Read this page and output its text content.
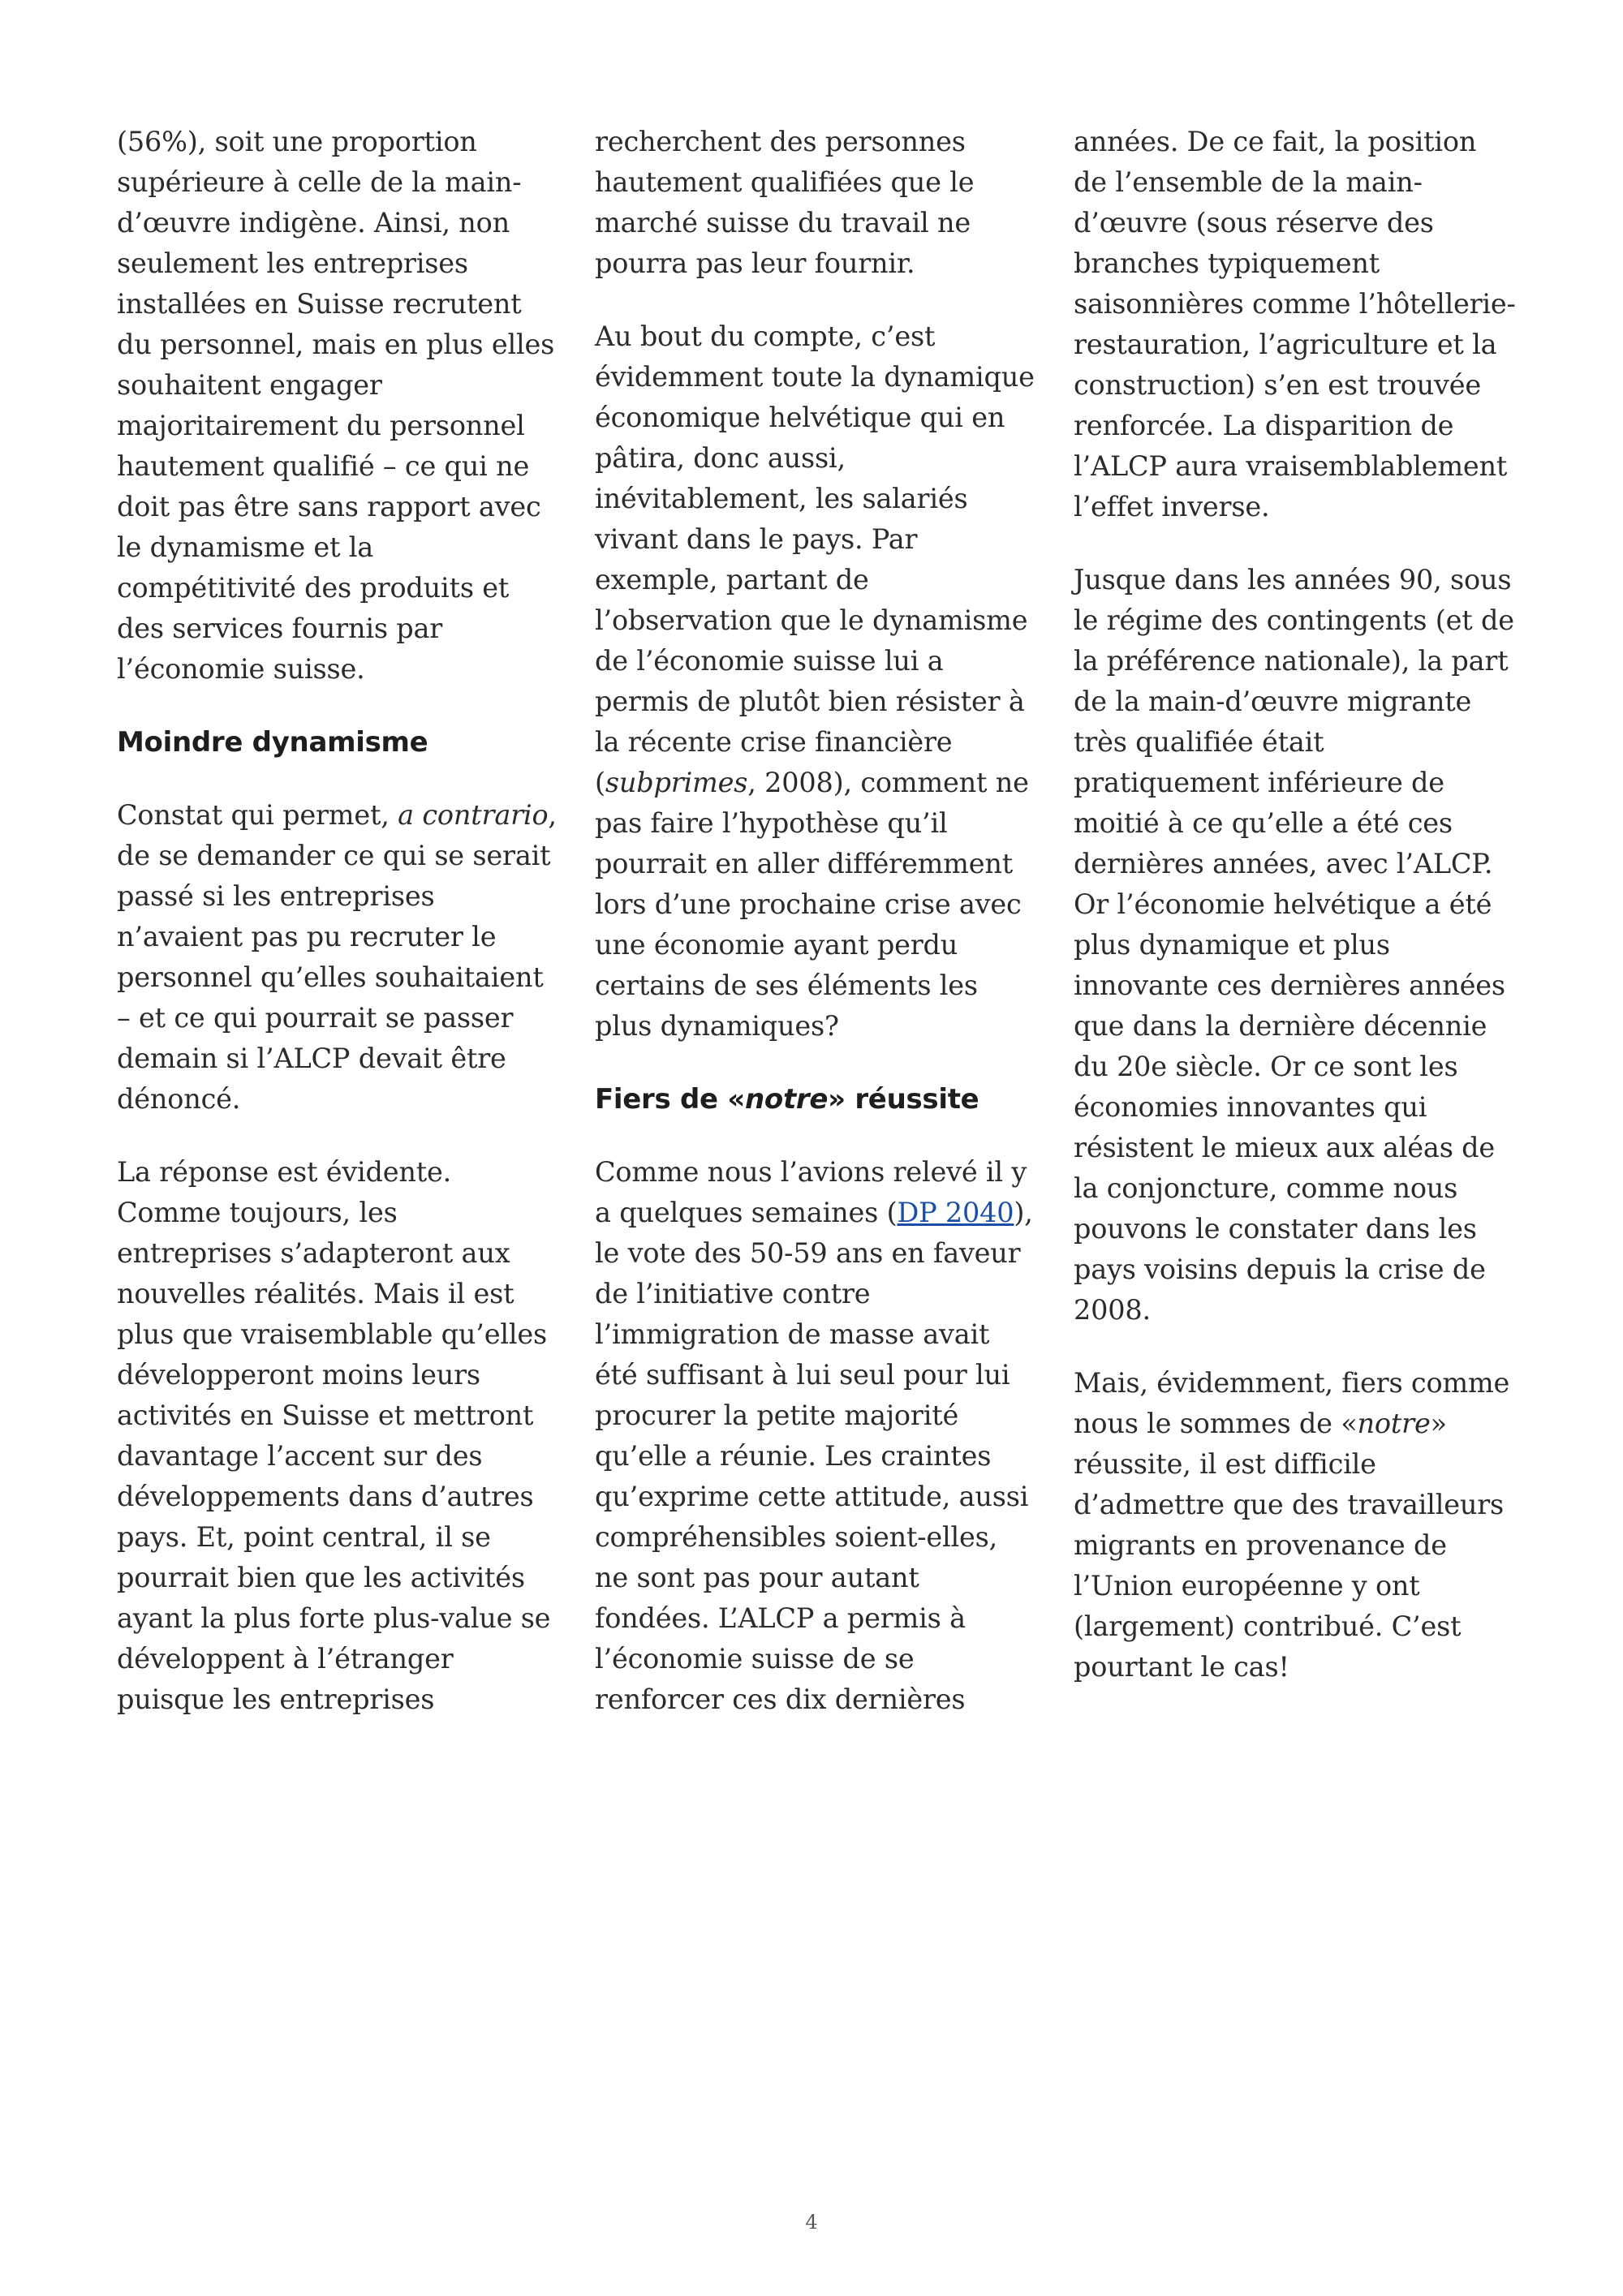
(56%), soit une proportion supérieure à celle de la main-d’œuvre indigène. Ainsi, non seulement les entreprises installées en Suisse recrutent du personnel, mais en plus elles souhaitent engager majoritairement du personnel hautement qualifié – ce qui ne doit pas être sans rapport avec le dynamisme et la compétitivité des produits et des services fournis par l’économie suisse.

Moindre dynamisme

Constat qui permet, a contrario, de se demander ce qui se serait passé si les entreprises n’avaient pas pu recruter le personnel qu’elles souhaitaient – et ce qui pourrait se passer demain si l’ALCP devait être dénoncé.

La réponse est évidente. Comme toujours, les entreprises s’adapteront aux nouvelles réalités. Mais il est plus que vraisemblable qu’elles développeront moins leurs activités en Suisse et mettront davantage l’accent sur des développements dans d’autres pays. Et, point central, il se pourrait bien que les activités ayant la plus forte plus-value se développent à l’étranger puisque les entreprises

recherchent des personnes hautement qualifiées que le marché suisse du travail ne pourra pas leur fournir.

Au bout du compte, c’est évidemment toute la dynamique économique helvétique qui en pâtira, donc aussi, inévitablement, les salariés vivant dans le pays. Par exemple, partant de l’observation que le dynamisme de l’économie suisse lui a permis de plutôt bien résister à la récente crise financière (subprimes, 2008), comment ne pas faire l’hypothèse qu’il pourrait en aller différemment lors d’une prochaine crise avec une économie ayant perdu certains de ses éléments les plus dynamiques?

Fiers de «notre» réussite

Comme nous l’avions relevé il y a quelques semaines (DP 2040), le vote des 50-59 ans en faveur de l’initiative contre l’immigration de masse avait été suffisant à lui seul pour lui procurer la petite majorité qu’elle a réunie. Les craintes qu’exprime cette attitude, aussi compréhensibles soient-elles, ne sont pas pour autant fondées. L’ALCP a permis à l’économie suisse de se renforcer ces dix dernières

années. De ce fait, la position de l’ensemble de la main-d’œuvre (sous réserve des branches typiquement saisonnières comme l’hôtellerie-restauration, l’agriculture et la construction) s’en est trouvée renforcée. La disparition de l’ALCP aura vraisemblablement l’effet inverse.

Jusque dans les années 90, sous le régime des contingents (et de la préférence nationale), la part de la main-d’œuvre migrante très qualifiée était pratiquement inférieure de moitié à ce qu’elle a été ces dernières années, avec l’ALCP. Or l’économie helvétique a été plus dynamique et plus innovante ces dernières années que dans la dernière décennie du 20e siècle. Or ce sont les économies innovantes qui résistent le mieux aux aléas de la conjoncture, comme nous pouvons le constater dans les pays voisins depuis la crise de 2008.

Mais, évidemment, fiers comme nous le sommes de «notre» réussite, il est difficile d’admettre que des travailleurs migrants en provenance de l’Union européenne y ont (largement) contribué. C’est pourtant le cas!

4
